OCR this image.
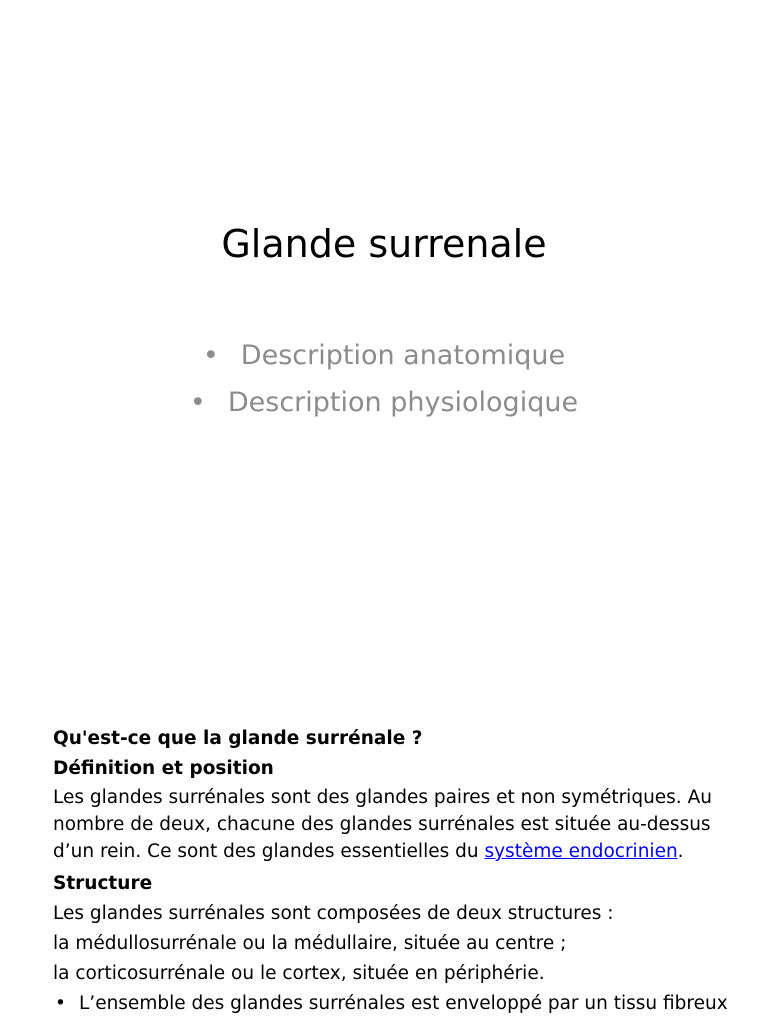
Glande surrenale
• Description anatomique
• Description physiologique

Qu'est-ce que la glande surrénale ?

Définition et position

Les glandes surrénales sont des glandes paires et non symétriques. Au nombre de deux, chacune des glandes surrénales est située au-dessus d’un rein. Ce sont des glandes essentielles du système endocrinien.

Structure

Les glandes surrénales sont composées de deux structures :

la médullosurrénale ou la médullaire, située au centre ;

la corticosurrénale ou le cortex, située en périphérie.

• L’ensemble des glandes surrénales est enveloppé par un tissu fibreux
